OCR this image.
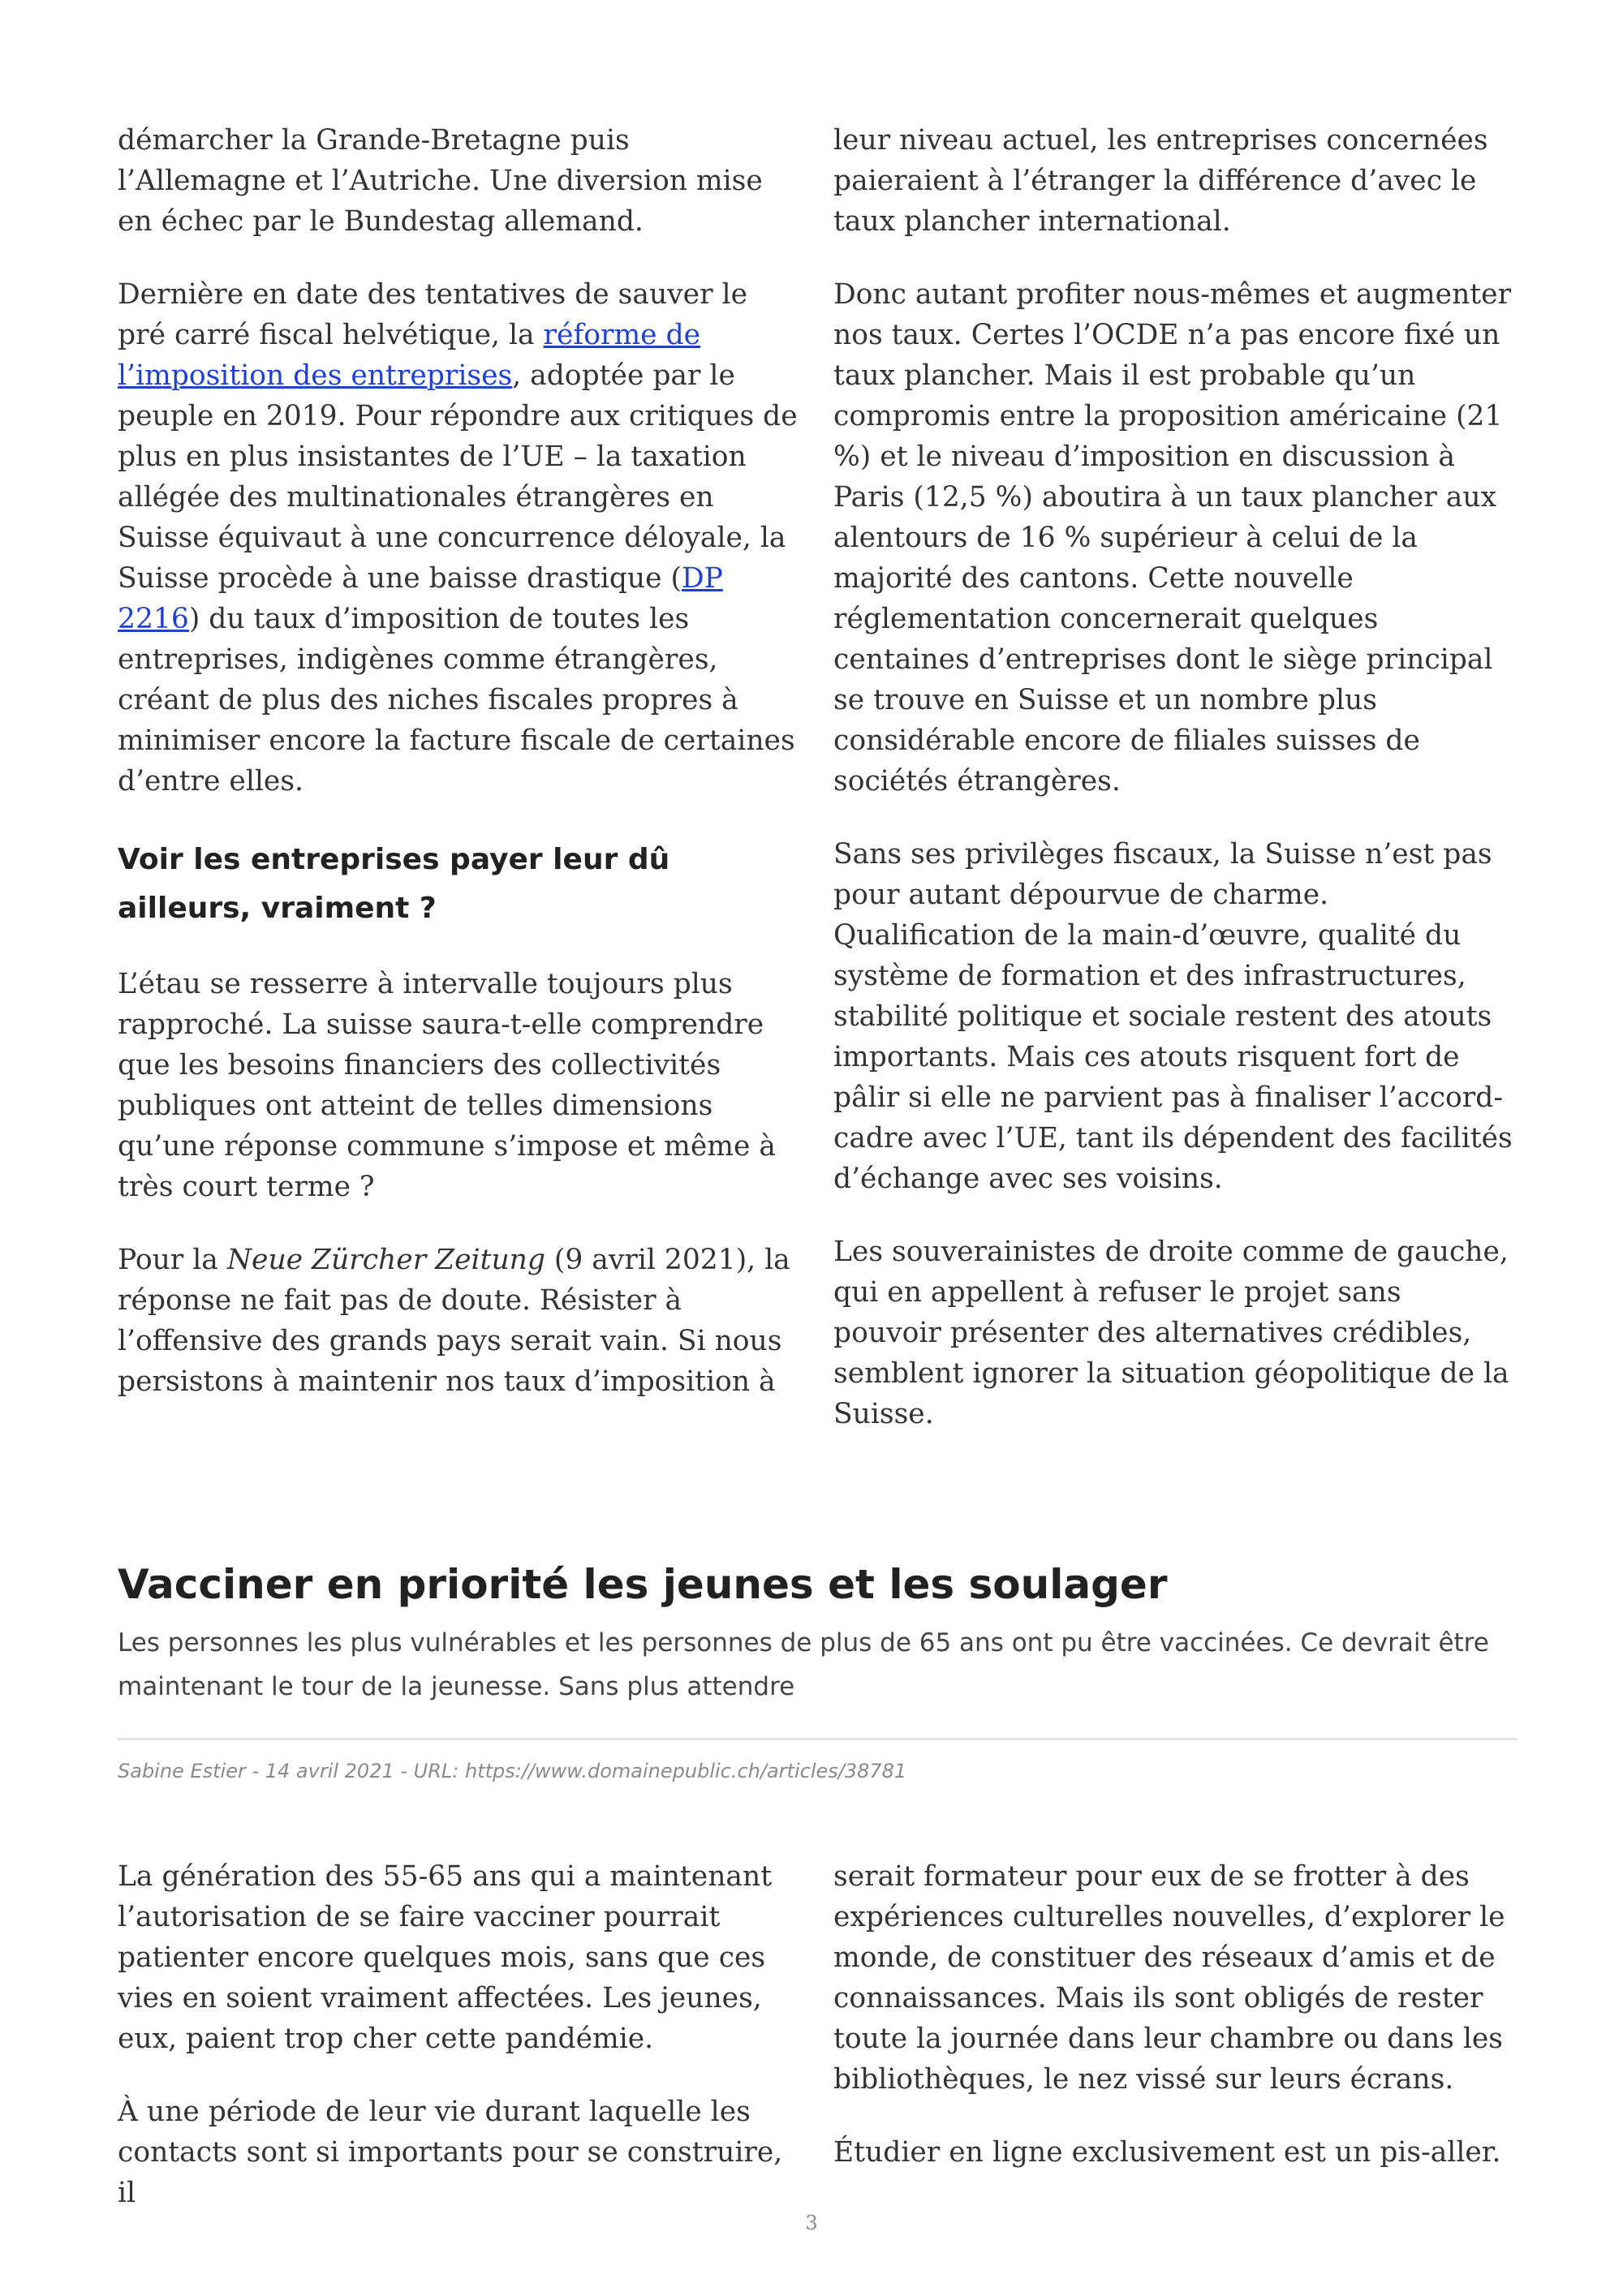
démarcher la Grande-Bretagne puis l’Allemagne et l’Autriche. Une diversion mise en échec par le Bundestag allemand.

Dernière en date des tentatives de sauver le pré carré fiscal helvétique, la réforme de l’imposition des entreprises, adoptée par le peuple en 2019. Pour répondre aux critiques de plus en plus insistantes de l’UE – la taxation allégée des multinationales étrangères en Suisse équivaut à une concurrence déloyale, la Suisse procède à une baisse drastique (DP 2216) du taux d’imposition de toutes les entreprises, indigènes comme étrangères, créant de plus des niches fiscales propres à minimiser encore la facture fiscale de certaines d’entre elles.

Voir les entreprises payer leur dû ailleurs, vraiment ?

L’étau se resserre à intervalle toujours plus rapproché. La suisse saura-t-elle comprendre que les besoins financiers des collectivités publiques ont atteint de telles dimensions qu’une réponse commune s’impose et même à très court terme ?

Pour la Neue Zürcher Zeitung (9 avril 2021), la réponse ne fait pas de doute. Résister à l’offensive des grands pays serait vain. Si nous persistons à maintenir nos taux d’imposition à

leur niveau actuel, les entreprises concernées paieraient à l’étranger la différence d’avec le taux plancher international.

Donc autant profiter nous-mêmes et augmenter nos taux. Certes l’OCDE n’a pas encore fixé un taux plancher. Mais il est probable qu’un compromis entre la proposition américaine (21 %) et le niveau d’imposition en discussion à Paris (12,5 %) aboutira à un taux plancher aux alentours de 16 % supérieur à celui de la majorité des cantons. Cette nouvelle réglementation concernerait quelques centaines d’entreprises dont le siège principal se trouve en Suisse et un nombre plus considérable encore de filiales suisses de sociétés étrangères.

Sans ses privilèges fiscaux, la Suisse n’est pas pour autant dépourvue de charme. Qualification de la main-d’œuvre, qualité du système de formation et des infrastructures, stabilité politique et sociale restent des atouts importants. Mais ces atouts risquent fort de pâlir si elle ne parvient pas à finaliser l’accord-cadre avec l’UE, tant ils dépendent des facilités d’échange avec ses voisins.

Les souverainistes de droite comme de gauche, qui en appellent à refuser le projet sans pouvoir présenter des alternatives crédibles, semblent ignorer la situation géopolitique de la Suisse.

Vacciner en priorité les jeunes et les soulager

Les personnes les plus vulnérables et les personnes de plus de 65 ans ont pu être vaccinées. Ce devrait être maintenant le tour de la jeunesse. Sans plus attendre

Sabine Estier - 14 avril 2021 - URL: https://www.domainepublic.ch/articles/38781

La génération des 55-65 ans qui a maintenant l’autorisation de se faire vacciner pourrait patienter encore quelques mois, sans que ces vies en soient vraiment affectées. Les jeunes, eux, paient trop cher cette pandémie.

À une période de leur vie durant laquelle les contacts sont si importants pour se construire, il

serait formateur pour eux de se frotter à des expériences culturelles nouvelles, d’explorer le monde, de constituer des réseaux d’amis et de connaissances. Mais ils sont obligés de rester toute la journée dans leur chambre ou dans les bibliothèques, le nez vissé sur leurs écrans.

Étudier en ligne exclusivement est un pis-aller.

3
